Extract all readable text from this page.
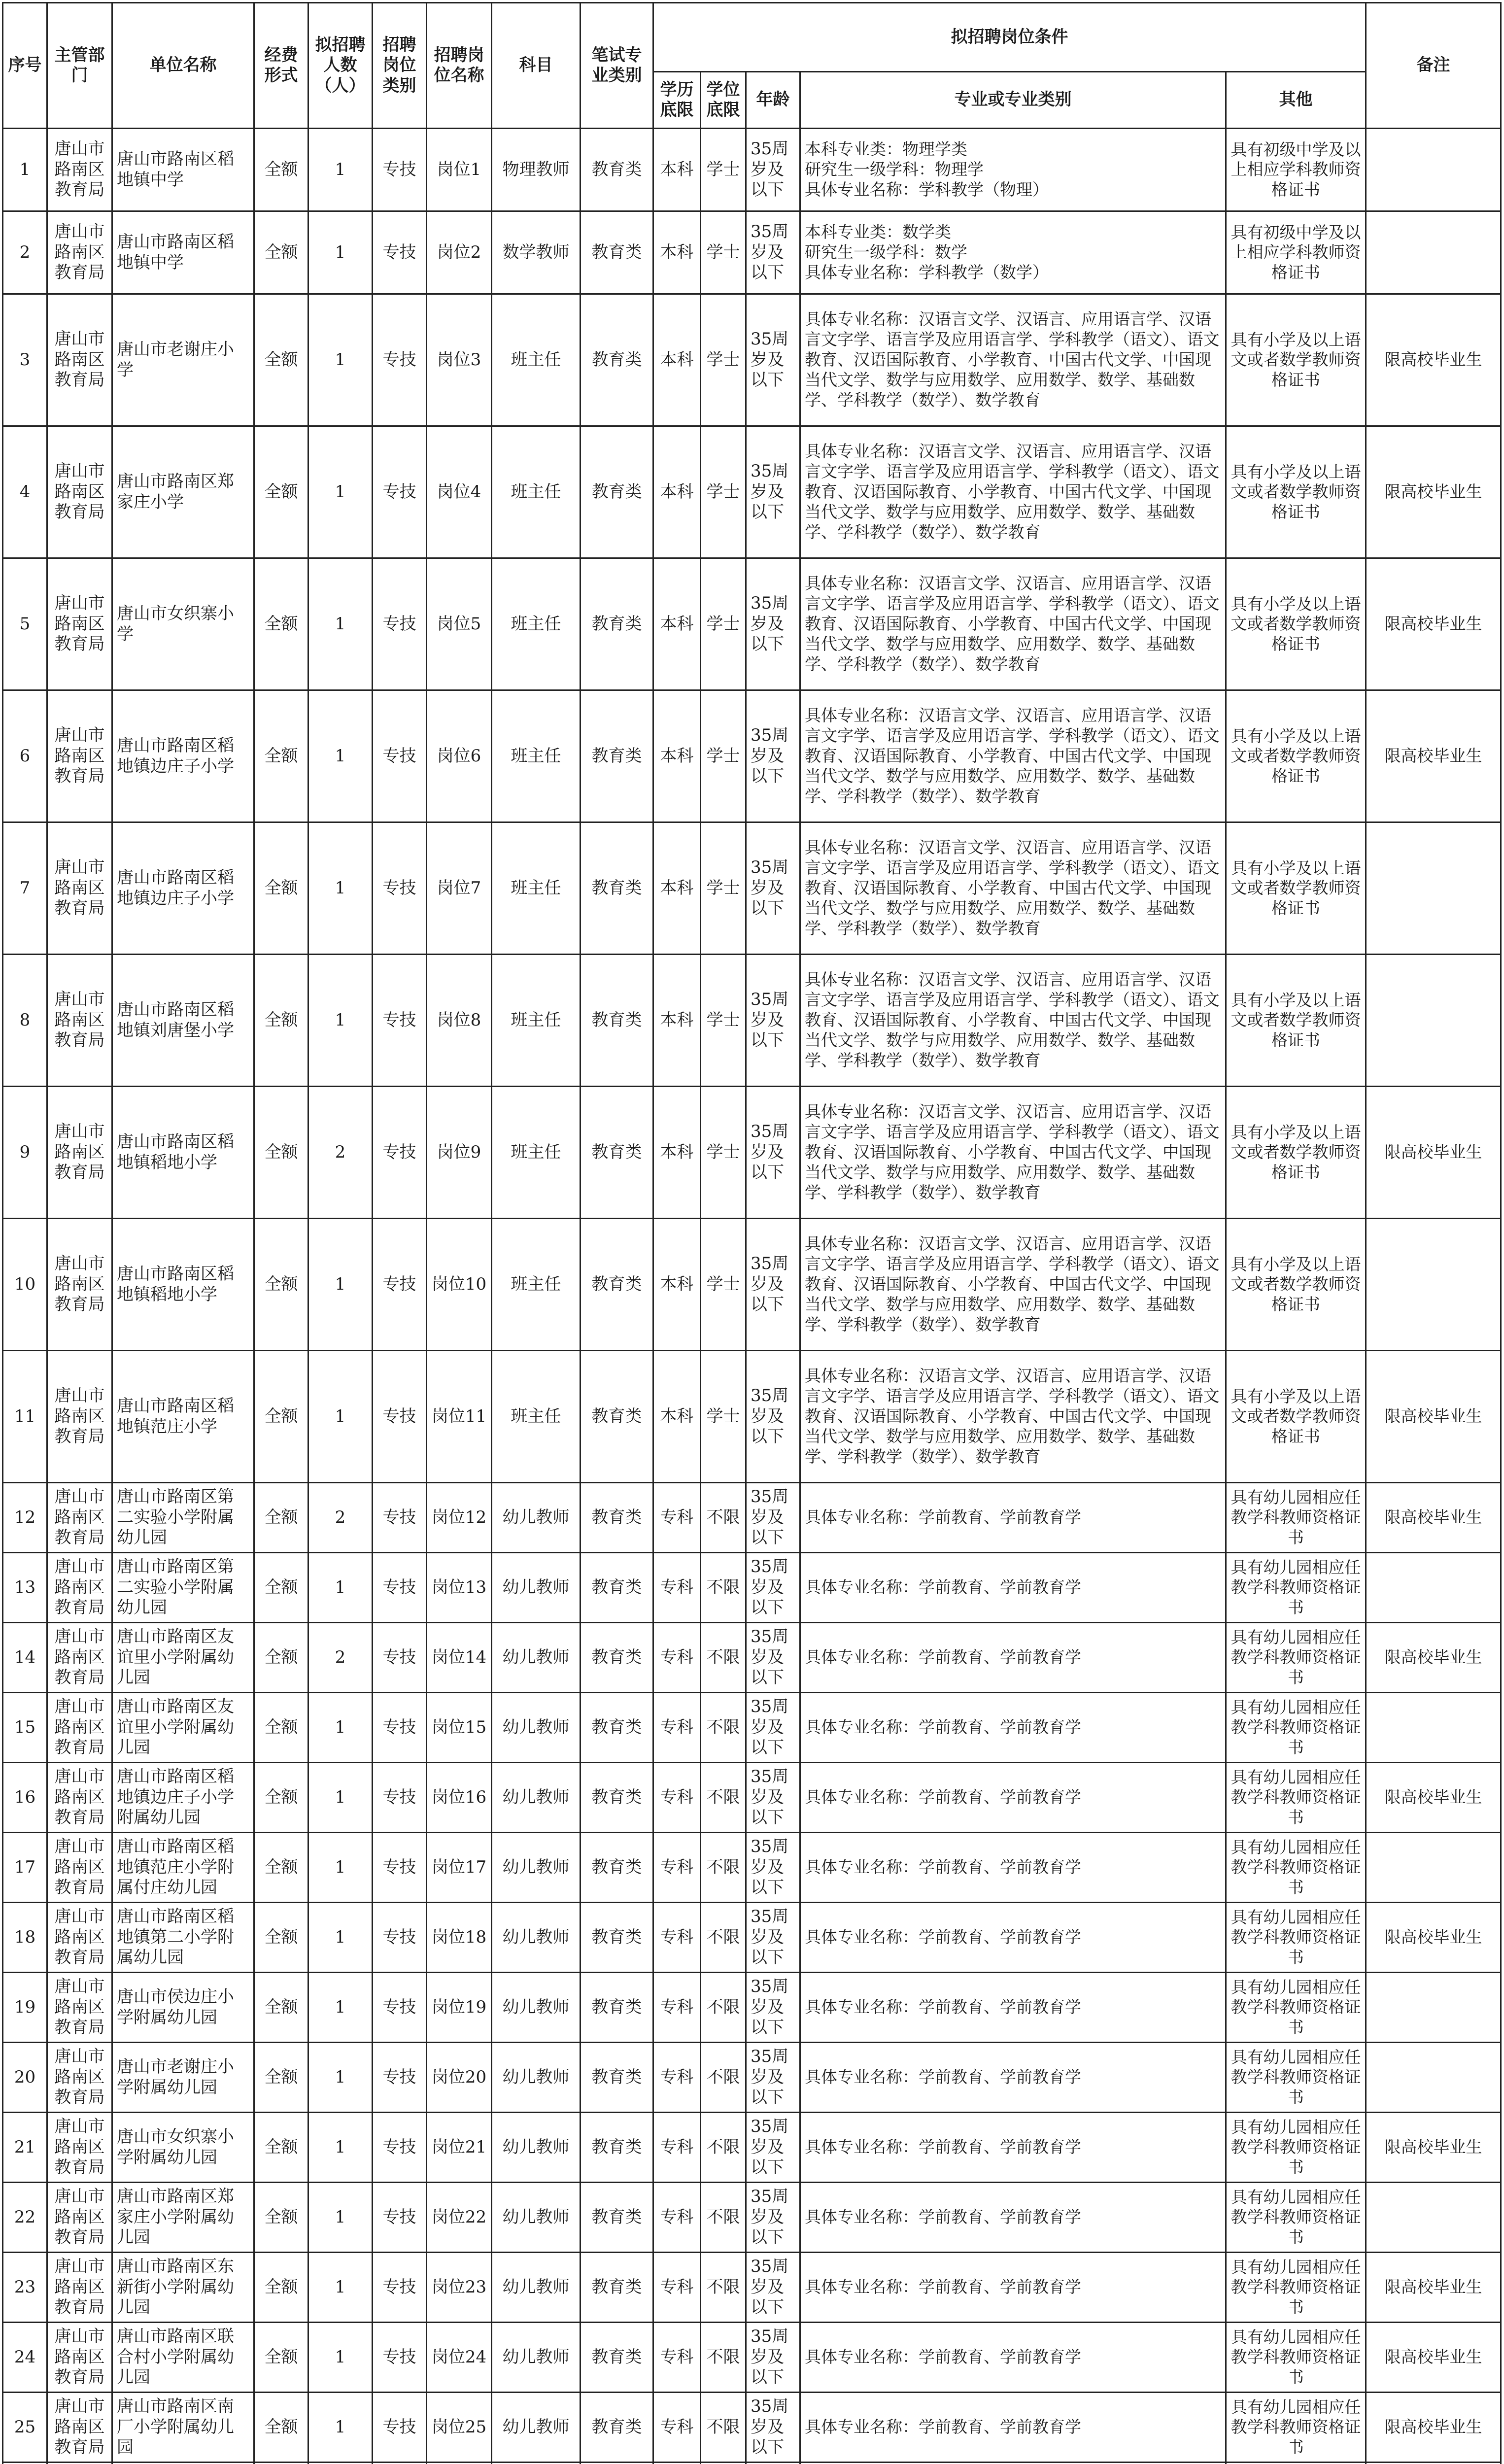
序号	主管部门	单位名称	经费形式	拟招聘人数（人）	招聘岗位类别	招聘岗位名称	科目	笔试专业类别	拟招聘岗位条件					备注
									学历底限	学位底限	年龄	专业或专业类别	其他	
1	唐山市路南区教育局	唐山市路南区稻地镇中学	全额	1	专技	岗位1	物理教师	教育类	本科	学士	35周岁及以下	本科专业类：物理学类
研究生一级学科：物理学
具体专业名称：学科教学（物理）	具有初级中学及以上相应学科教师资格证书	
2	唐山市路南区教育局	唐山市路南区稻地镇中学	全额	1	专技	岗位2	数学教师	教育类	本科	学士	35周岁及以下	本科专业类：数学类
研究生一级学科：数学
具体专业名称：学科教学（数学）	具有初级中学及以上相应学科教师资格证书	
3	唐山市路南区教育局	唐山市老谢庄小学	全额	1	专技	岗位3	班主任	教育类	本科	学士	35周岁及以下	具体专业名称：汉语言文学、汉语言、应用语言学、汉语言文字学、语言学及应用语言学、学科教学（语文）、语文教育、汉语国际教育、小学教育、中国古代文学、中国现当代文学、数学与应用数学、应用数学、数学、基础数学、学科教学（数学）、数学教育	具有小学及以上语文或者数学教师资格证书	限高校毕业生
4	唐山市路南区教育局	唐山市路南区郑家庄小学	全额	1	专技	岗位4	班主任	教育类	本科	学士	35周岁及以下	具体专业名称：汉语言文学、汉语言、应用语言学、汉语言文字学、语言学及应用语言学、学科教学（语文）、语文教育、汉语国际教育、小学教育、中国古代文学、中国现当代文学、数学与应用数学、应用数学、数学、基础数学、学科教学（数学）、数学教育	具有小学及以上语文或者数学教师资格证书	限高校毕业生
5	唐山市路南区教育局	唐山市女织寨小学	全额	1	专技	岗位5	班主任	教育类	本科	学士	35周岁及以下	具体专业名称：汉语言文学、汉语言、应用语言学、汉语言文字学、语言学及应用语言学、学科教学（语文）、语文教育、汉语国际教育、小学教育、中国古代文学、中国现当代文学、数学与应用数学、应用数学、数学、基础数学、学科教学（数学）、数学教育	具有小学及以上语文或者数学教师资格证书	限高校毕业生
6	唐山市路南区教育局	唐山市路南区稻地镇边庄子小学	全额	1	专技	岗位6	班主任	教育类	本科	学士	35周岁及以下	具体专业名称：汉语言文学、汉语言、应用语言学、汉语言文字学、语言学及应用语言学、学科教学（语文）、语文教育、汉语国际教育、小学教育、中国古代文学、中国现当代文学、数学与应用数学、应用数学、数学、基础数学、学科教学（数学）、数学教育	具有小学及以上语文或者数学教师资格证书	限高校毕业生
7	唐山市路南区教育局	唐山市路南区稻地镇边庄子小学	全额	1	专技	岗位7	班主任	教育类	本科	学士	35周岁及以下	具体专业名称：汉语言文学、汉语言、应用语言学、汉语言文字学、语言学及应用语言学、学科教学（语文）、语文教育、汉语国际教育、小学教育、中国古代文学、中国现当代文学、数学与应用数学、应用数学、数学、基础数学、学科教学（数学）、数学教育	具有小学及以上语文或者数学教师资格证书	
8	唐山市路南区教育局	唐山市路南区稻地镇刘唐堡小学	全额	1	专技	岗位8	班主任	教育类	本科	学士	35周岁及以下	具体专业名称：汉语言文学、汉语言、应用语言学、汉语言文字学、语言学及应用语言学、学科教学（语文）、语文教育、汉语国际教育、小学教育、中国古代文学、中国现当代文学、数学与应用数学、应用数学、数学、基础数学、学科教学（数学）、数学教育	具有小学及以上语文或者数学教师资格证书	
9	唐山市路南区教育局	唐山市路南区稻地镇稻地小学	全额	2	专技	岗位9	班主任	教育类	本科	学士	35周岁及以下	具体专业名称：汉语言文学、汉语言、应用语言学、汉语言文字学、语言学及应用语言学、学科教学（语文）、语文教育、汉语国际教育、小学教育、中国古代文学、中国现当代文学、数学与应用数学、应用数学、数学、基础数学、学科教学（数学）、数学教育	具有小学及以上语文或者数学教师资格证书	限高校毕业生
10	唐山市路南区教育局	唐山市路南区稻地镇稻地小学	全额	1	专技	岗位10	班主任	教育类	本科	学士	35周岁及以下	具体专业名称：汉语言文学、汉语言、应用语言学、汉语言文字学、语言学及应用语言学、学科教学（语文）、语文教育、汉语国际教育、小学教育、中国古代文学、中国现当代文学、数学与应用数学、应用数学、数学、基础数学、学科教学（数学）、数学教育	具有小学及以上语文或者数学教师资格证书	
11	唐山市路南区教育局	唐山市路南区稻地镇范庄小学	全额	1	专技	岗位11	班主任	教育类	本科	学士	35周岁及以下	具体专业名称：汉语言文学、汉语言、应用语言学、汉语言文字学、语言学及应用语言学、学科教学（语文）、语文教育、汉语国际教育、小学教育、中国古代文学、中国现当代文学、数学与应用数学、应用数学、数学、基础数学、学科教学（数学）、数学教育	具有小学及以上语文或者数学教师资格证书	限高校毕业生
12	唐山市路南区教育局	唐山市路南区第二实验小学附属幼儿园	全额	2	专技	岗位12	幼儿教师	教育类	专科	不限	35周岁及以下	具体专业名称：学前教育、学前教育学	具有幼儿园相应任教学科教师资格证书	限高校毕业生
13	唐山市路南区教育局	唐山市路南区第二实验小学附属幼儿园	全额	1	专技	岗位13	幼儿教师	教育类	专科	不限	35周岁及以下	具体专业名称：学前教育、学前教育学	具有幼儿园相应任教学科教师资格证书	
14	唐山市路南区教育局	唐山市路南区友谊里小学附属幼儿园	全额	2	专技	岗位14	幼儿教师	教育类	专科	不限	35周岁及以下	具体专业名称：学前教育、学前教育学	具有幼儿园相应任教学科教师资格证书	限高校毕业生
15	唐山市路南区教育局	唐山市路南区友谊里小学附属幼儿园	全额	1	专技	岗位15	幼儿教师	教育类	专科	不限	35周岁及以下	具体专业名称：学前教育、学前教育学	具有幼儿园相应任教学科教师资格证书	
16	唐山市路南区教育局	唐山市路南区稻地镇边庄子小学附属幼儿园	全额	1	专技	岗位16	幼儿教师	教育类	专科	不限	35周岁及以下	具体专业名称：学前教育、学前教育学	具有幼儿园相应任教学科教师资格证书	限高校毕业生
17	唐山市路南区教育局	唐山市路南区稻地镇范庄小学附属付庄幼儿园	全额	1	专技	岗位17	幼儿教师	教育类	专科	不限	35周岁及以下	具体专业名称：学前教育、学前教育学	具有幼儿园相应任教学科教师资格证书	
18	唐山市路南区教育局	唐山市路南区稻地镇第二小学附属幼儿园	全额	1	专技	岗位18	幼儿教师	教育类	专科	不限	35周岁及以下	具体专业名称：学前教育、学前教育学	具有幼儿园相应任教学科教师资格证书	限高校毕业生
19	唐山市路南区教育局	唐山市侯边庄小学附属幼儿园	全额	1	专技	岗位19	幼儿教师	教育类	专科	不限	35周岁及以下	具体专业名称：学前教育、学前教育学	具有幼儿园相应任教学科教师资格证书	
20	唐山市路南区教育局	唐山市老谢庄小学附属幼儿园	全额	1	专技	岗位20	幼儿教师	教育类	专科	不限	35周岁及以下	具体专业名称：学前教育、学前教育学	具有幼儿园相应任教学科教师资格证书	
21	唐山市路南区教育局	唐山市女织寨小学附属幼儿园	全额	1	专技	岗位21	幼儿教师	教育类	专科	不限	35周岁及以下	具体专业名称：学前教育、学前教育学	具有幼儿园相应任教学科教师资格证书	限高校毕业生
22	唐山市路南区教育局	唐山市路南区郑家庄小学附属幼儿园	全额	1	专技	岗位22	幼儿教师	教育类	专科	不限	35周岁及以下	具体专业名称：学前教育、学前教育学	具有幼儿园相应任教学科教师资格证书	
23	唐山市路南区教育局	唐山市路南区东新街小学附属幼儿园	全额	1	专技	岗位23	幼儿教师	教育类	专科	不限	35周岁及以下	具体专业名称：学前教育、学前教育学	具有幼儿园相应任教学科教师资格证书	限高校毕业生
24	唐山市路南区教育局	唐山市路南区联合村小学附属幼儿园	全额	1	专技	岗位24	幼儿教师	教育类	专科	不限	35周岁及以下	具体专业名称：学前教育、学前教育学	具有幼儿园相应任教学科教师资格证书	限高校毕业生
25	唐山市路南区教育局	唐山市路南区南厂小学附属幼儿园	全额	1	专技	岗位25	幼儿教师	教育类	专科	不限	35周岁及以下	具体专业名称：学前教育、学前教育学	具有幼儿园相应任教学科教师资格证书	限高校毕业生
